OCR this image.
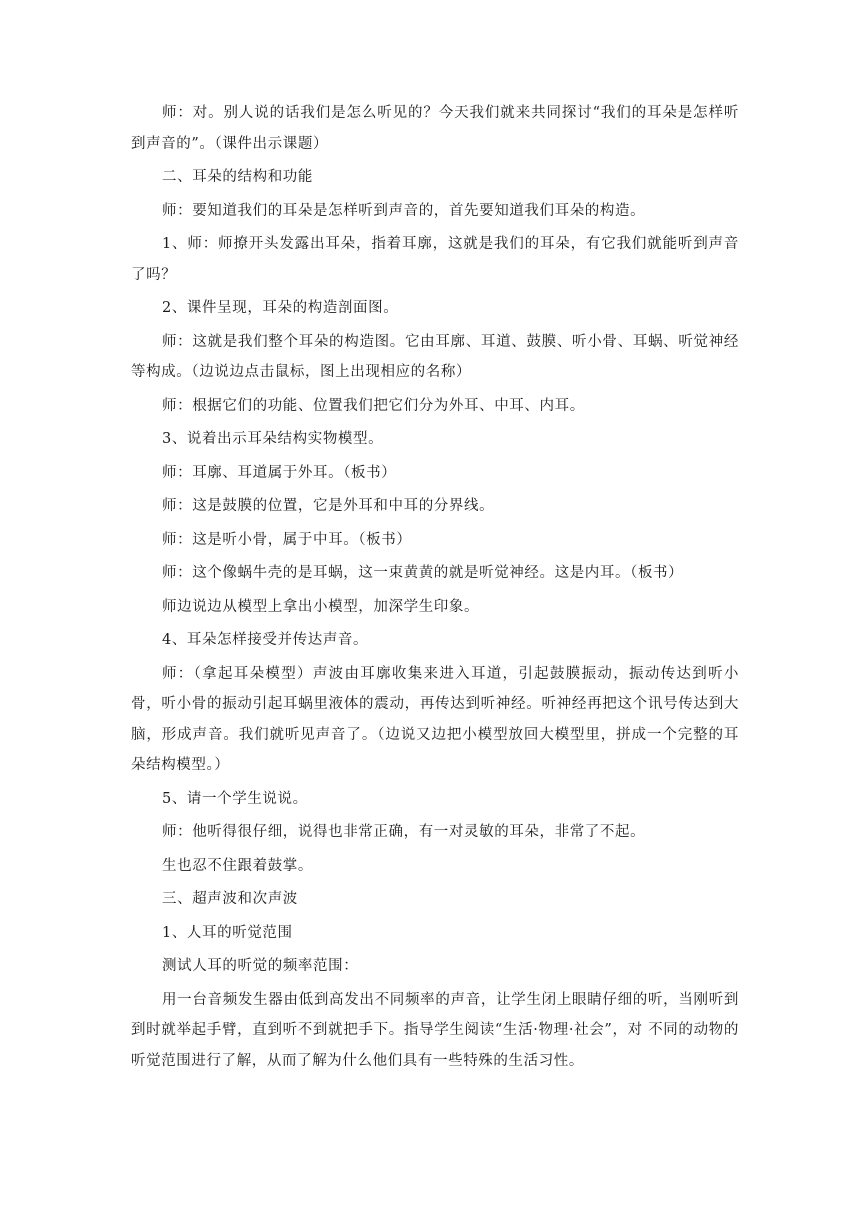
师：对。别人说的话我们是怎么听见的？今天我们就来共同探讨“我们的耳朵是怎样听到声音的”。（课件出示课题）

二、耳朵的结构和功能

师：要知道我们的耳朵是怎样听到声音的，首先要知道我们耳朵的构造。

1、师：师撩开头发露出耳朵，指着耳廓，这就是我们的耳朵，有它我们就能听到声音了吗？

2、课件呈现，耳朵的构造剖面图。

师：这就是我们整个耳朵的构造图。它由耳廓、耳道、鼓膜、听小骨、耳蜗、听觉神经等构成。（边说边点击鼠标，图上出现相应的名称）

师：根据它们的功能、位置我们把它们分为外耳、中耳、内耳。

3、说着出示耳朵结构实物模型。

师：耳廓、耳道属于外耳。（板书）

师：这是鼓膜的位置，它是外耳和中耳的分界线。

师：这是听小骨，属于中耳。（板书）

师：这个像蜗牛壳的是耳蜗，这一束黄黄的就是听觉神经。这是内耳。（板书）

师边说边从模型上拿出小模型，加深学生印象。

4、耳朵怎样接受并传达声音。

师：（拿起耳朵模型）声波由耳廓收集来进入耳道，引起鼓膜振动，振动传达到听小骨，听小骨的振动引起耳蜗里液体的震动，再传达到听神经。听神经再把这个讯号传达到大脑，形成声音。我们就听见声音了。（边说又边把小模型放回大模型里，拼成一个完整的耳朵结构模型。）

5、请一个学生说说。

师：他听得很仔细，说得也非常正确，有一对灵敏的耳朵，非常了不起。

生也忍不住跟着鼓掌。

三、超声波和次声波

1、人耳的听觉范围

测试人耳的听觉的频率范围：

用一台音频发生器由低到高发出不同频率的声音，让学生闭上眼睛仔细的听，当刚听到到时就举起手臂，直到听不到就把手下。指导学生阅读“生活·物理·社会”，对 不同的动物的听觉范围进行了解，从而了解为什么他们具有一些特殊的生活习性。
